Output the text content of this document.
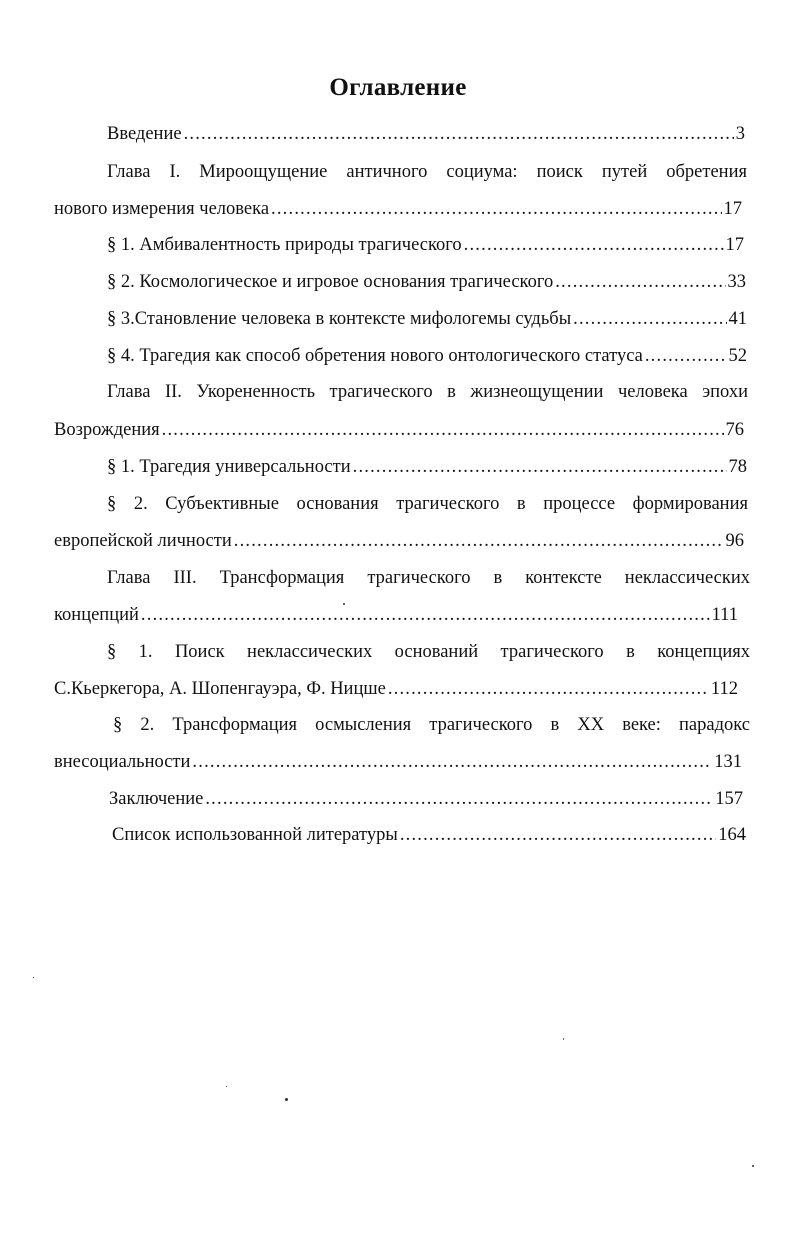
Оглавление
Введение .....	3
Глава I. Мироощущение античного социума: поиск путей обретения
нового измерения человека .....	17
§ 1. Амбивалентность природы трагического .....	17
§ 2. Космологическое и игровое основания трагического .....	33
§ 3.Становление человека в контексте мифологемы судьбы .....	41
§ 4. Трагедия как способ обретения нового онтологического статуса .....	52
Глава II. Укорененность трагического в жизнеощущении человека эпохи
Возрождения .....	76
§ 1. Трагедия универсальности .....	78
§ 2. Субъективные основания трагического в процессе формирования
европейской личности .....	96
Глава III. Трансформация трагического в контексте неклассических
концепций .....	111
§ 1. Поиск неклассических оснований трагического в концепциях
С.Кьеркегора, А. Шопенгауэра, Ф. Ницше .....	112
§ 2. Трансформация осмысления трагического в XX веке: парадокс
внесоциальности .....	131
Заключение .....	157
Список использованной литературы .....	164
